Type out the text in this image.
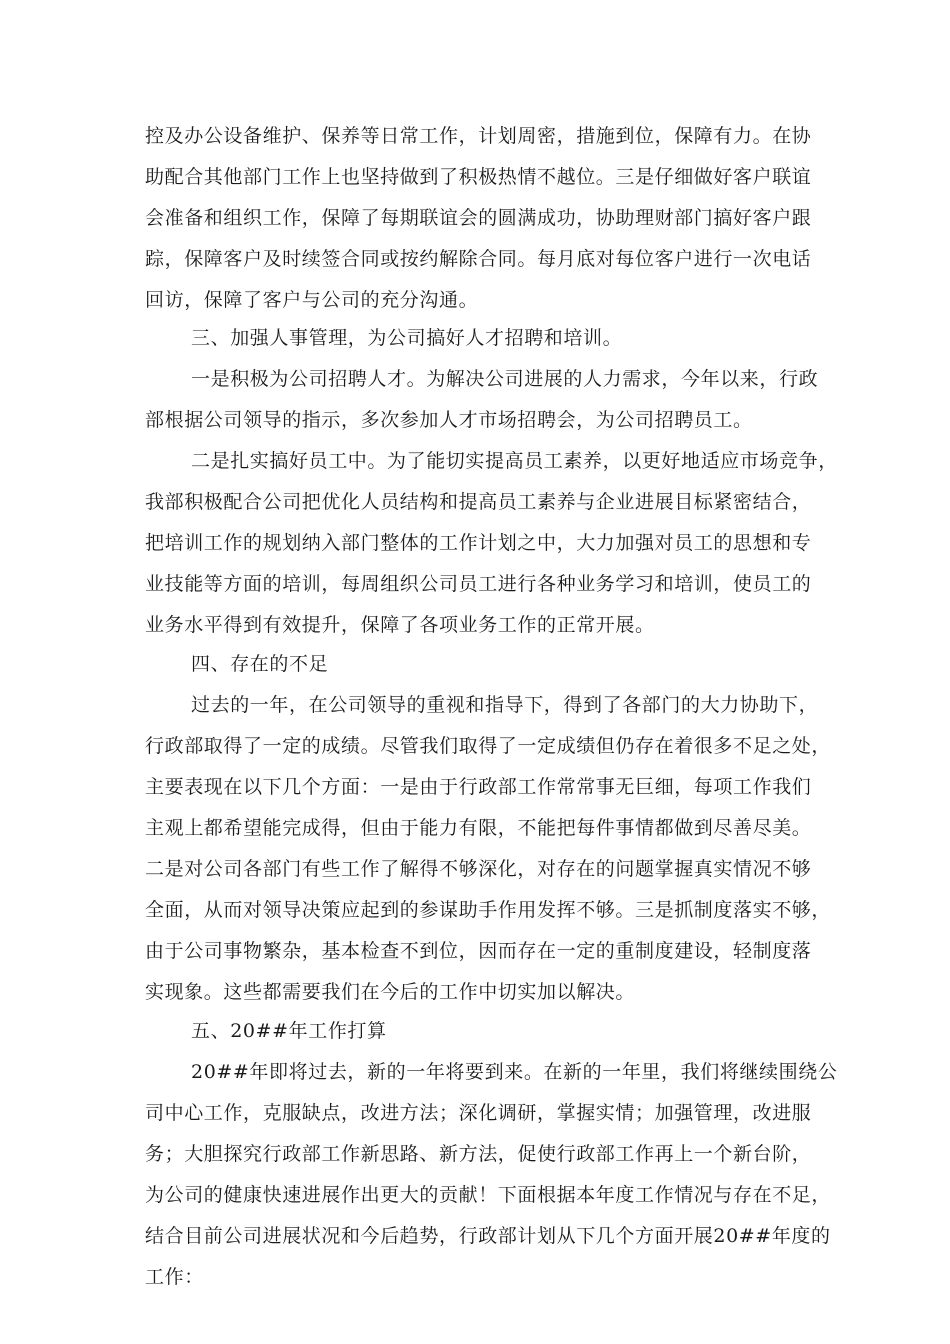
控及办公设备维护、保养等日常工作，计划周密，措施到位，保障有力。在协
助配合其他部门工作上也坚持做到了积极热情不越位。三是仔细做好客户联谊
会准备和组织工作，保障了每期联谊会的圆满成功，协助理财部门搞好客户跟
踪，保障客户及时续签合同或按约解除合同。每月底对每位客户进行一次电话
回访，保障了客户与公司的充分沟通。
三、加强人事管理，为公司搞好人才招聘和培训。
一是积极为公司招聘人才。为解决公司进展的人力需求，今年以来，行政
部根据公司领导的指示，多次参加人才市场招聘会，为公司招聘员工。
二是扎实搞好员工中。为了能切实提高员工素养，以更好地适应市场竞争，
我部积极配合公司把优化人员结构和提高员工素养与企业进展目标紧密结合，
把培训工作的规划纳入部门整体的工作计划之中，大力加强对员工的思想和专
业技能等方面的培训，每周组织公司员工进行各种业务学习和培训，使员工的
业务水平得到有效提升，保障了各项业务工作的正常开展。
四、存在的不足
过去的一年，在公司领导的重视和指导下，得到了各部门的大力协助下，
行政部取得了一定的成绩。尽管我们取得了一定成绩但仍存在着很多不足之处，
主要表现在以下几个方面：一是由于行政部工作常常事无巨细，每项工作我们
主观上都希望能完成得，但由于能力有限，不能把每件事情都做到尽善尽美。
二是对公司各部门有些工作了解得不够深化，对存在的问题掌握真实情况不够
全面，从而对领导决策应起到的参谋助手作用发挥不够。三是抓制度落实不够，
由于公司事物繁杂，基本检查不到位，因而存在一定的重制度建设，轻制度落
实现象。这些都需要我们在今后的工作中切实加以解决。
五、20##年工作打算
20##年即将过去，新的一年将要到来。在新的一年里，我们将继续围绕公
司中心工作，克服缺点，改进方法；深化调研，掌握实情；加强管理，改进服
务；大胆探究行政部工作新思路、新方法，促使行政部工作再上一个新台阶，
为公司的健康快速进展作出更大的贡献！下面根据本年度工作情况与存在不足，
结合目前公司进展状况和今后趋势，行政部计划从下几个方面开展20##年度的
工作：
